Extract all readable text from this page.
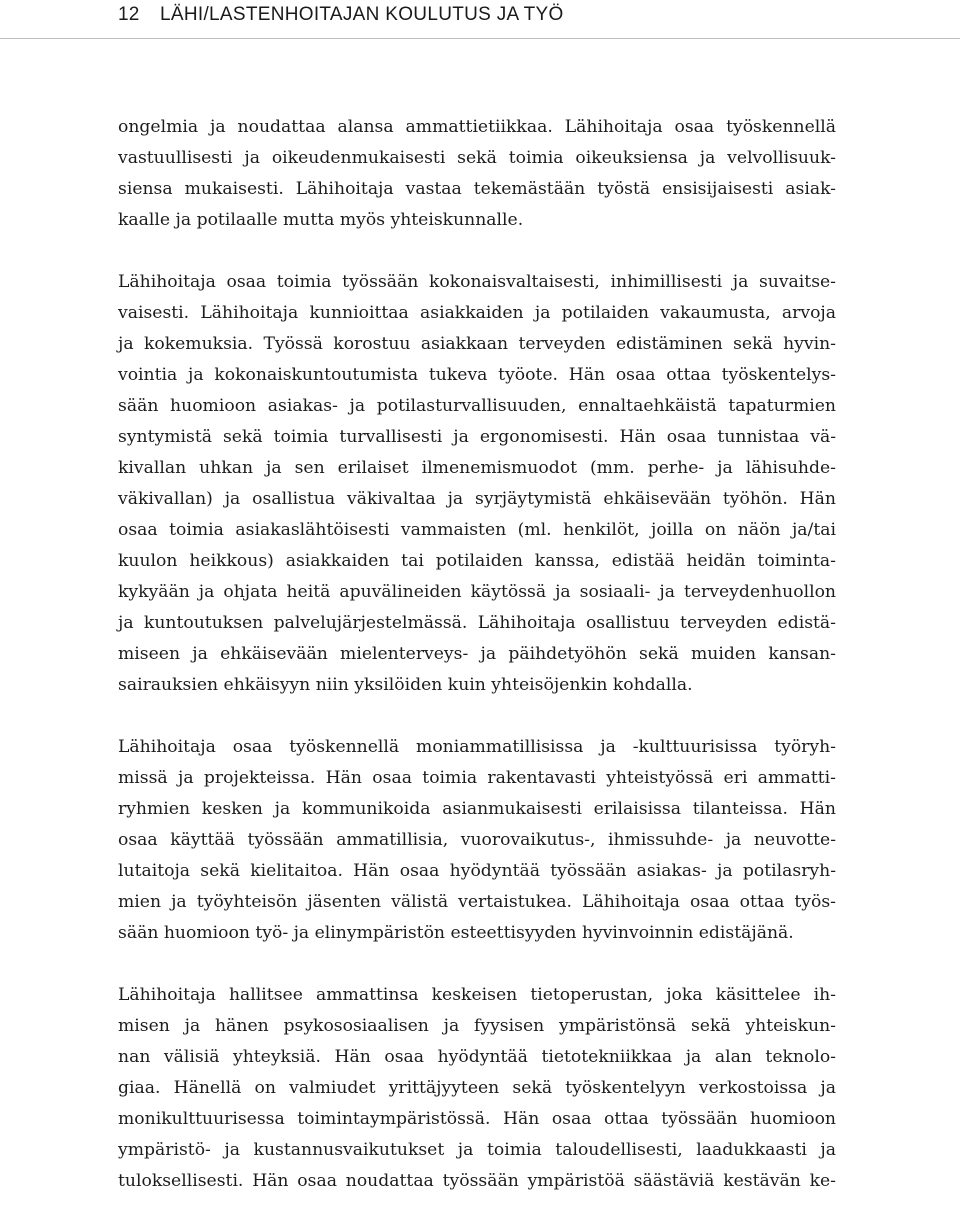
12 LÄHI/LASTENHOITAJAN KOULUTUS JA TYÖ
ongelmia ja noudattaa alansa ammattietiikkaa. Lähihoitaja osaa työskennellä
vastuullisesti ja oikeudenmukaisesti sekä toimia oikeuksiensa ja velvollisuuk-
siensa mukaisesti. Lähihoitaja vastaa tekemästään työstä ensisijaisesti asiak-
kaalle ja potilaalle mutta myös yhteiskunnalle.
Lähihoitaja osaa toimia työssään kokonaisvaltaisesti, inhimillisesti ja suvaitse-
vaisesti. Lähihoitaja kunnioittaa asiakkaiden ja potilaiden vakaumusta, arvoja
ja kokemuksia. Työssä korostuu asiakkaan terveyden edistäminen sekä hyvin-
vointia ja kokonaiskuntoutumista tukeva työote. Hän osaa ottaa työskentelys-
sään huomioon asiakas- ja potilasturvallisuuden, ennaltaehkäistä tapaturmien
syntymistä sekä toimia turvallisesti ja ergonomisesti. Hän osaa tunnistaa vä-
kivallan uhkan ja sen erilaiset ilmenemismuodot (mm. perhe- ja lähisuhde-
väkivallan) ja osallistua väkivaltaa ja syrjäytymistä ehkäisevään työhön. Hän
osaa toimia asiakaslähtöisesti vammaisten (ml. henkilöt, joilla on näön ja/tai
kuulon heikkous) asiakkaiden tai potilaiden kanssa, edistää heidän toiminta-
kykyään ja ohjata heitä apuvälineiden käytössä ja sosiaali- ja terveydenhuollon
ja kuntoutuksen palvelujärjestelmässä. Lähihoitaja osallistuu terveyden edistä-
miseen ja ehkäisevään mielenterveys- ja päihdetyöhön sekä muiden kansan-
sairauksien ehkäisyyn niin yksilöiden kuin yhteisöjenkin kohdalla.
Lähihoitaja osaa työskennellä moniammatillisissa ja -kulttuurisissa työryh-
missä ja projekteissa. Hän osaa toimia rakentavasti yhteistyössä eri ammatti-
ryhmien kesken ja kommunikoida asianmukaisesti erilaisissa tilanteissa. Hän
osaa käyttää työssään ammatillisia, vuorovaikutus-, ihmissuhde- ja neuvotte-
lutaitoja sekä kielitaitoa. Hän osaa hyödyntää työssään asiakas- ja potilasryh-
mien ja työyhteisön jäsenten välistä vertaistukea. Lähihoitaja osaa ottaa työs-
sään huomioon työ- ja elinympäristön esteettisyyden hyvinvoinnin edistäjänä.
Lähihoitaja hallitsee ammattinsa keskeisen tietoperustan, joka käsittelee ih-
misen ja hänen psykososiaalisen ja fyysisen ympäristönsä sekä yhteiskun-
nan välisiä yhteyksiä. Hän osaa hyödyntää tietotekniikkaa ja alan teknolo-
giaa. Hänellä on valmiudet yrittäjyyteen sekä työskentelyyn verkostoissa ja
monikulttuurisessa toimintaympäristössä. Hän osaa ottaa työssään huomioon
ympäristö- ja kustannusvaikutukset ja toimia taloudellisesti, laadukkaasti ja
tuloksellisesti. Hän osaa noudattaa työssään ympäristöä säästäviä kestävän ke-
